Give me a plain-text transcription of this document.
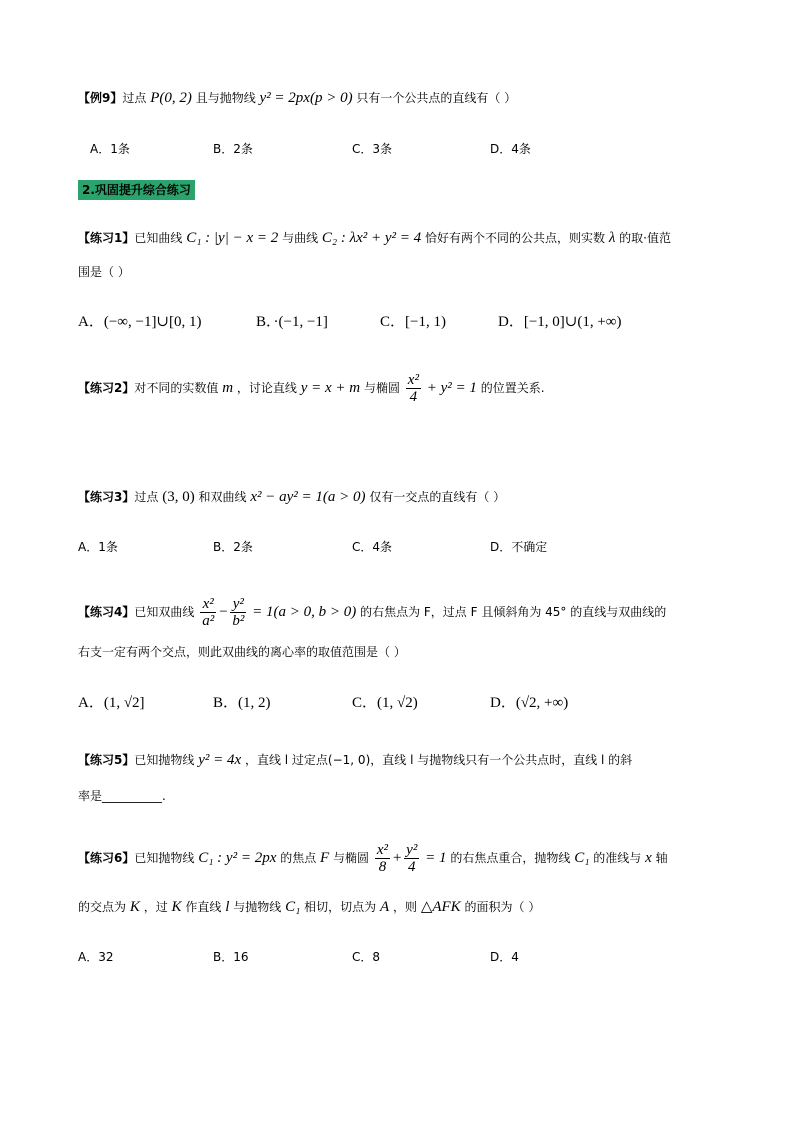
【例9】过点 P(0, 2) 且与抛物线 y² = 2px(p > 0) 只有一个公共点的直线有（ ）
A．1条	B．2条	C．3条	D．4条
2.巩固提升综合练习
【练习1】已知曲线 C₁ : |y| − x = 2 与曲线 C₂ : λx² + y² = 4 恰好有两个不同的公共点，则实数 λ 的取·值范
围是（ ）
A．(−∞, −1]∪[0, 1)	B．·(−1, −1]	C．[−1, 1)	D．[−1, 0]∪(1, +∞)
【练习2】对不同的实数值 m ，讨论直线 y = x + m 与椭圆 $\frac{\text{x²}}{4} + y^2 = 1$ 的位置关系.
【练习3】过点 (3, 0) 和双曲线 x² − ay² = 1(a > 0) 仅有一交点的直线有（ ）
A．1条	B．2条	C．4条	D．不确定
【练习4】已知双曲线 $\frac{\text{x²}}{\text{a²}} - \frac{\text{y²}}{\text{b²}} = 1(a > 0$, b > 0) 的右焦点为 F，过点 F 且倾斜角为 45° 的直线与双曲线的
右支一定有两个交点，则此双曲线的离心率的取值范围是（ ）
A．(1, √2]	B．(1, 2)	C．(1, √2)	D．(√2, +∞)
【练习5】已知抛物线 y² = 4x ，直线 l 过定点(−1, 0)，直线 l 与抛物线只有一个公共点时，直线 l 的斜
率是__________.
【练习6】已知抛物线 C₁ : y² = 2px 的焦点 F 与椭圆 $\frac{\text{x²}}{8} + \frac{\text{y²}}{4} = 1$ 的右焦点重合，抛物线 C₁ 的准线与 x 轴
的交点为 K ，过 K 作直线 l 与抛物线 C₁ 相切，切点为 A ，则 △AFK 的面积为（ ）
A．32	B．16	C．8	D．4
